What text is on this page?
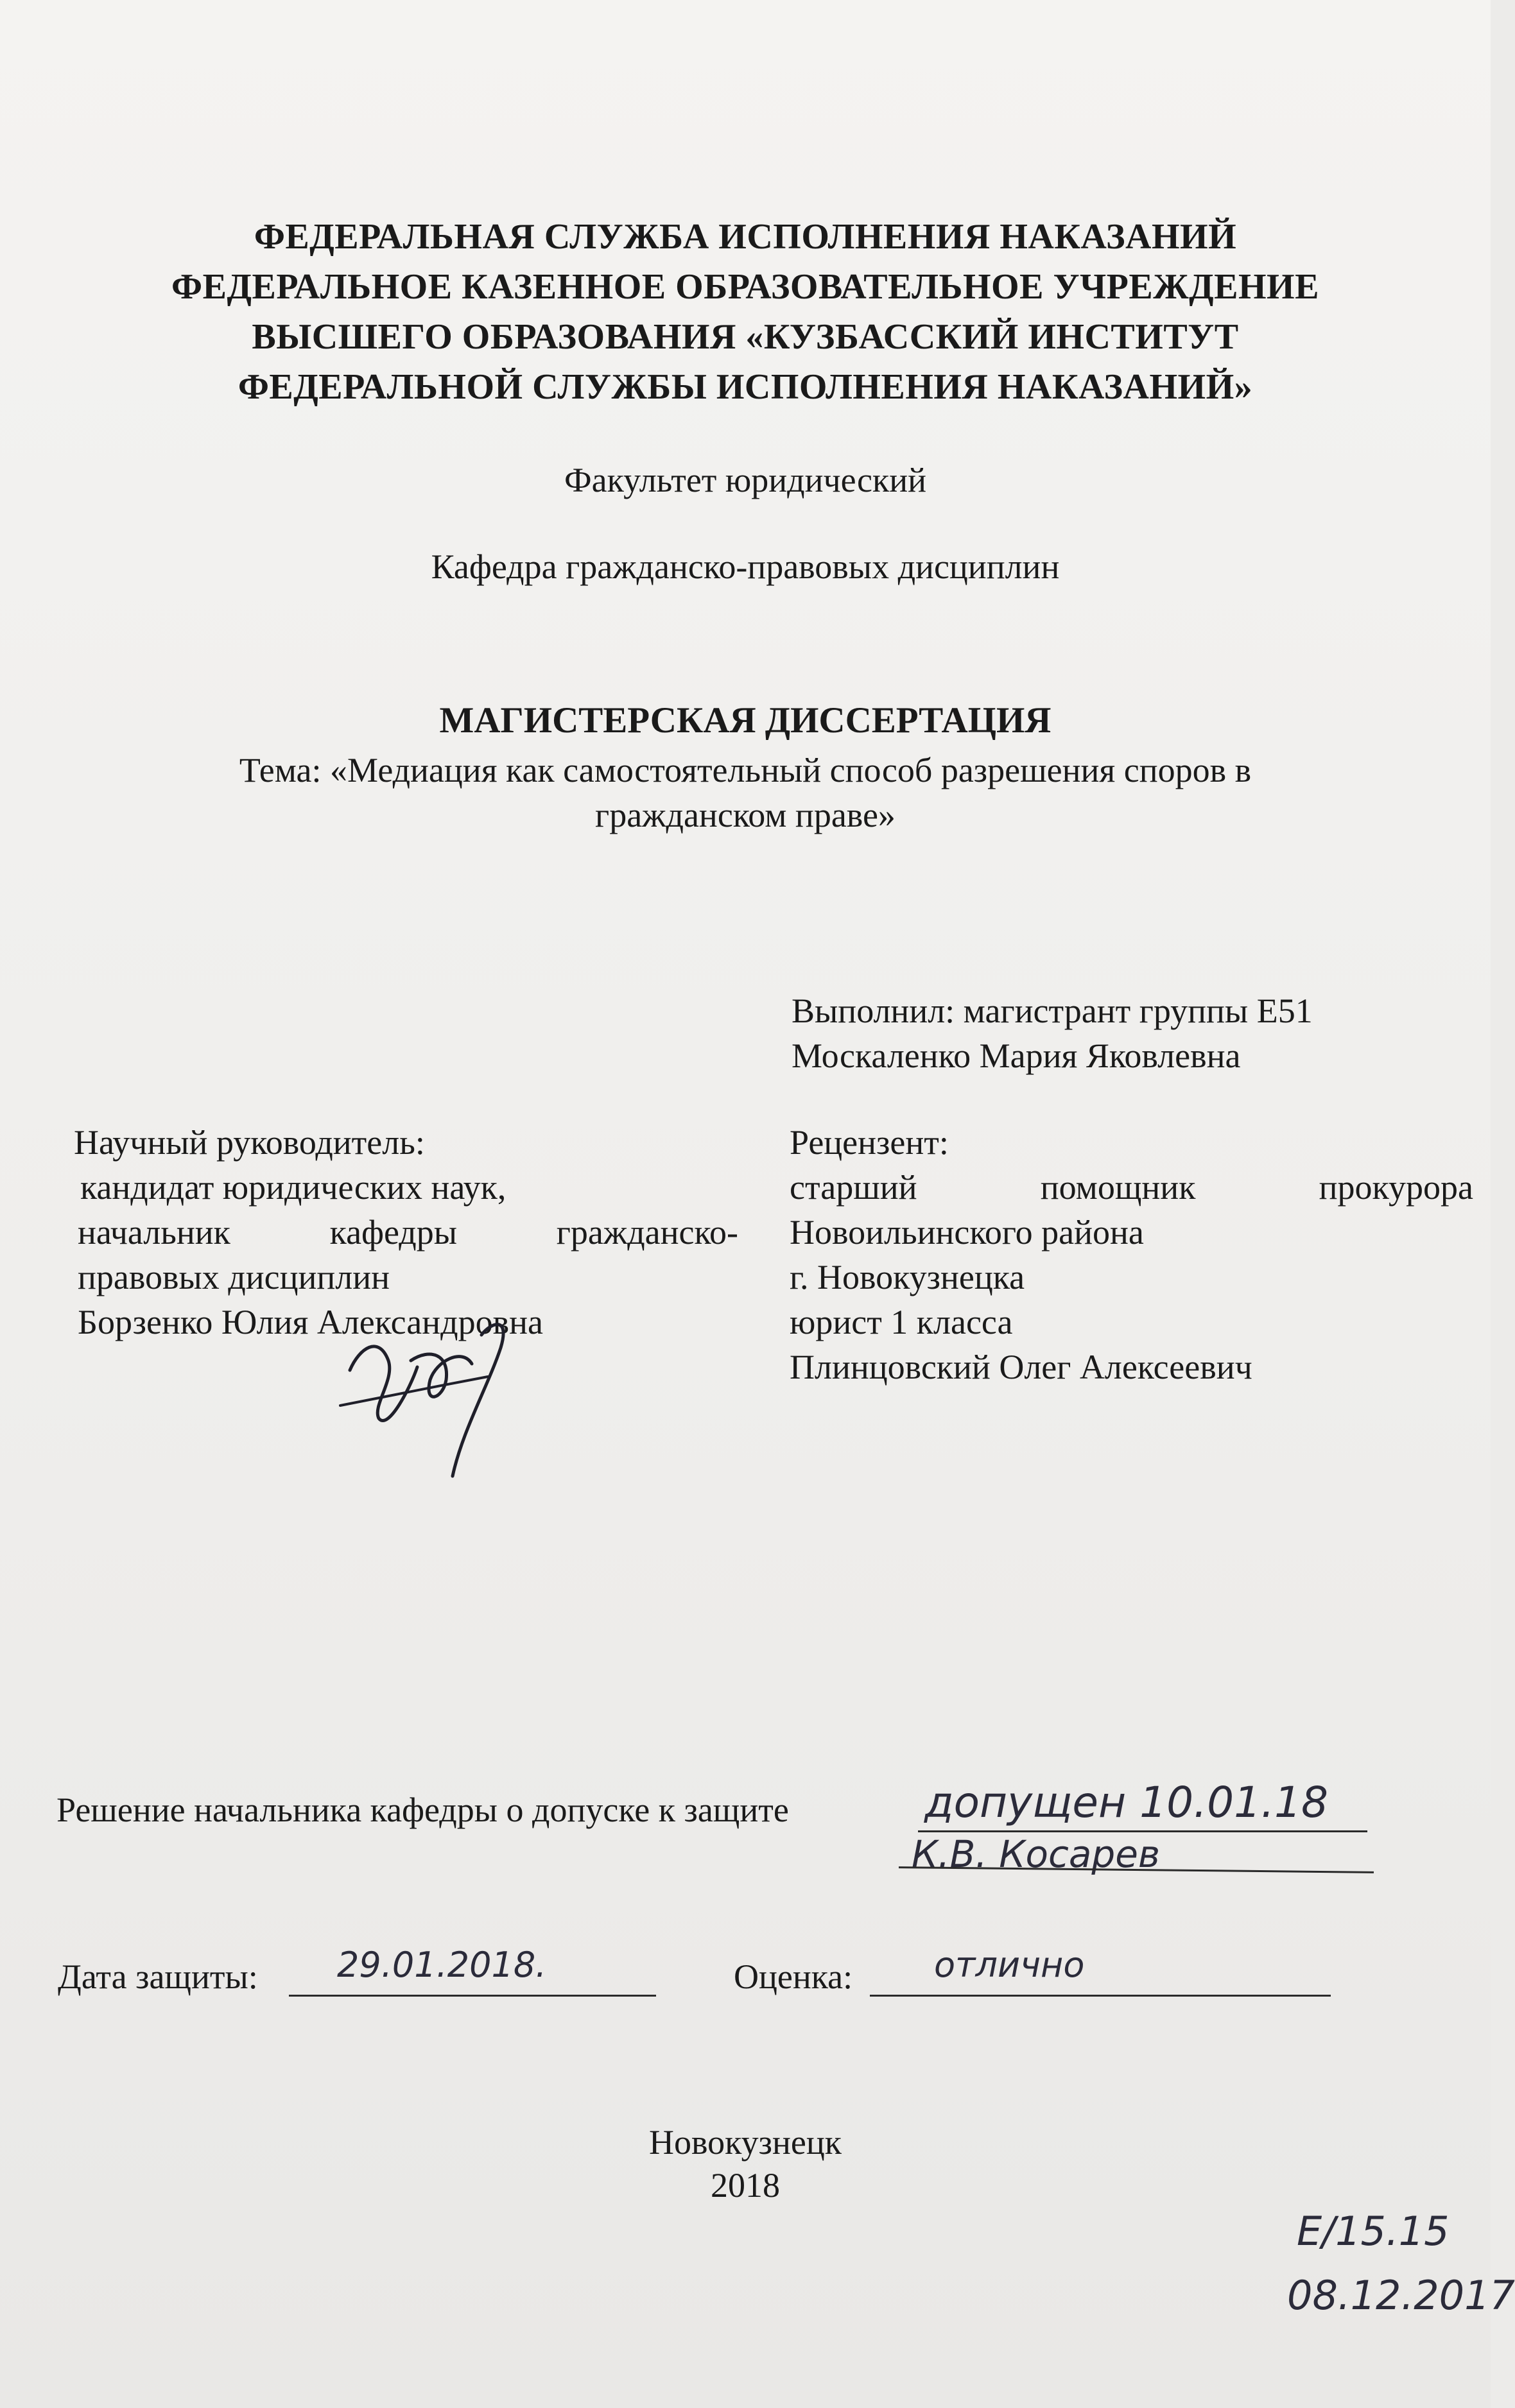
ФЕДЕРАЛЬНАЯ СЛУЖБА ИСПОЛНЕНИЯ НАКАЗАНИЙ
ФЕДЕРАЛЬНОЕ КАЗЕННОЕ ОБРАЗОВАТЕЛЬНОЕ УЧРЕЖДЕНИЕ
ВЫСШЕГО ОБРАЗОВАНИЯ «КУЗБАССКИЙ ИНСТИТУТ
ФЕДЕРАЛЬНОЙ СЛУЖБЫ ИСПОЛНЕНИЯ НАКАЗАНИЙ»
Факультет юридический
Кафедра гражданско-правовых дисциплин
МАГИСТЕРСКАЯ ДИССЕРТАЦИЯ
Тема: «Медиация как самостоятельный способ разрешения споров в
гражданском праве»
Выполнил: магистрант группы Е51
Москаленко Мария Яковлевна
Научный руководитель:
кандидат юридических наук,
начальник	кафедры	гражданско-
правовых дисциплин
Борзенко Юлия Александровна
Рецензент:
старший	помощник	прокурора
Новоильинского района
г. Новокузнецка
юрист 1 класса
Плинцовский Олег Алексеевич
Решение начальника кафедры о допуске к защите	допущен 10.01.18
К.В. Косарев
Дата защиты: 29.01.2018.	Оценка: отлично
Новокузнецк
2018
Е/15.15
08.12.2017
